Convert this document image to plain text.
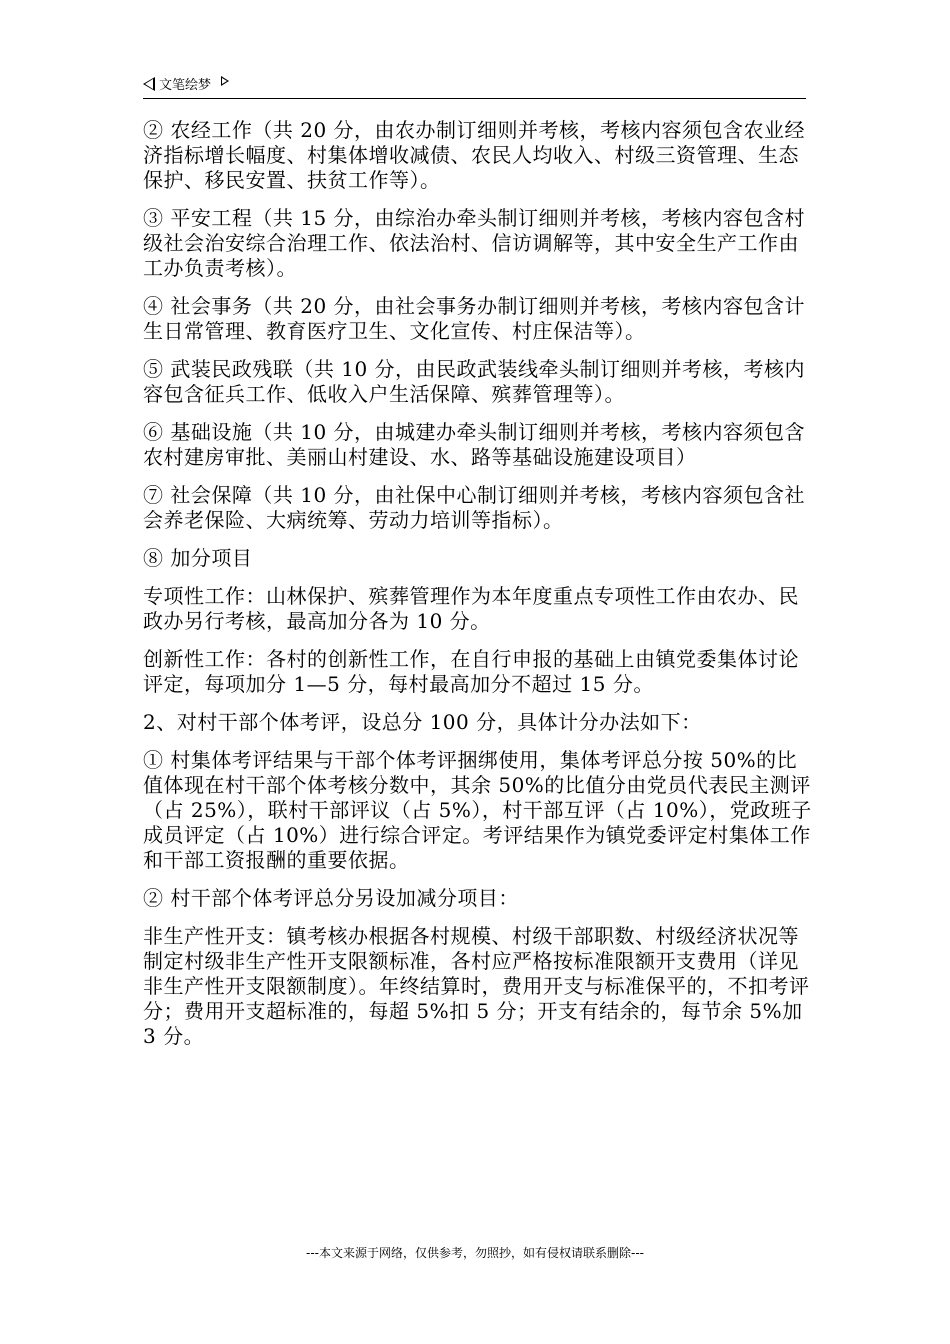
文笔绘梦

② 农经工作（共 20 分，由农办制订细则并考核，考核内容须包含农业经济指标增长幅度、村集体增收减债、农民人均收入、村级三资管理、生态保护、移民安置、扶贫工作等）。

③ 平安工程（共 15 分，由综治办牵头制订细则并考核，考核内容包含村级社会治安综合治理工作、依法治村、信访调解等，其中安全生产工作由工办负责考核）。

④ 社会事务（共 20 分，由社会事务办制订细则并考核，考核内容包含计生日常管理、教育医疗卫生、文化宣传、村庄保洁等）。

⑤ 武装民政残联（共 10 分，由民政武装线牵头制订细则并考核，考核内容包含征兵工作、低收入户生活保障、殡葬管理等）。

⑥ 基础设施（共 10 分，由城建办牵头制订细则并考核，考核内容须包含农村建房审批、美丽山村建设、水、路等基础设施建设项目）

⑦ 社会保障（共 10 分，由社保中心制订细则并考核，考核内容须包含社会养老保险、大病统筹、劳动力培训等指标）。

⑧ 加分项目

专项性工作：山林保护、殡葬管理作为本年度重点专项性工作由农办、民政办另行考核，最高加分各为 10 分。

创新性工作：各村的创新性工作，在自行申报的基础上由镇党委集体讨论评定，每项加分 1—5 分，每村最高加分不超过 15 分。

2、对村干部个体考评，设总分 100 分，具体计分办法如下：

① 村集体考评结果与干部个体考评捆绑使用，集体考评总分按 50%的比值体现在村干部个体考核分数中，其余 50%的比值分由党员代表民主测评（占 25%），联村干部评议（占 5%），村干部互评（占 10%），党政班子成员评定（占 10%）进行综合评定。考评结果作为镇党委评定村集体工作和干部工资报酬的重要依据。

② 村干部个体考评总分另设加减分项目：

非生产性开支：镇考核办根据各村规模、村级干部职数、村级经济状况等制定村级非生产性开支限额标准，各村应严格按标准限额开支费用（详见非生产性开支限额制度）。年终结算时，费用开支与标准保平的，不扣考评分；费用开支超标准的，每超 5%扣 5 分；开支有结余的，每节余 5%加 3 分。

---本文来源于网络，仅供参考，勿照抄，如有侵权请联系删除---
